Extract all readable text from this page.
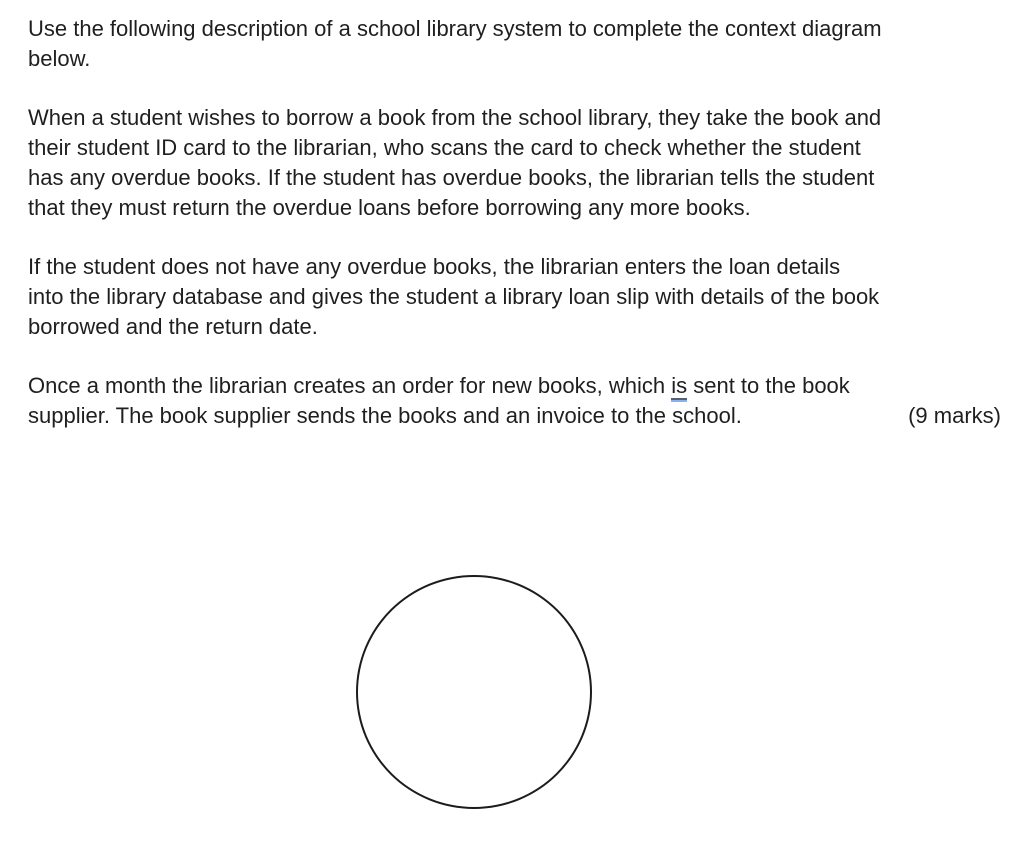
Use the following description of a school library system to complete the context diagram
below.

When a student wishes to borrow a book from the school library, they take the book and
their student ID card to the librarian, who scans the card to check whether the student
has any overdue books. If the student has overdue books, the librarian tells the student
that they must return the overdue loans before borrowing any more books.

If the student does not have any overdue books, the librarian enters the loan details
into the library database and gives the student a library loan slip with details of the book
borrowed and the return date.

Once a month the librarian creates an order for new books, which is sent to the book
supplier. The book supplier sends the books and an invoice to the school.	(9 marks)
